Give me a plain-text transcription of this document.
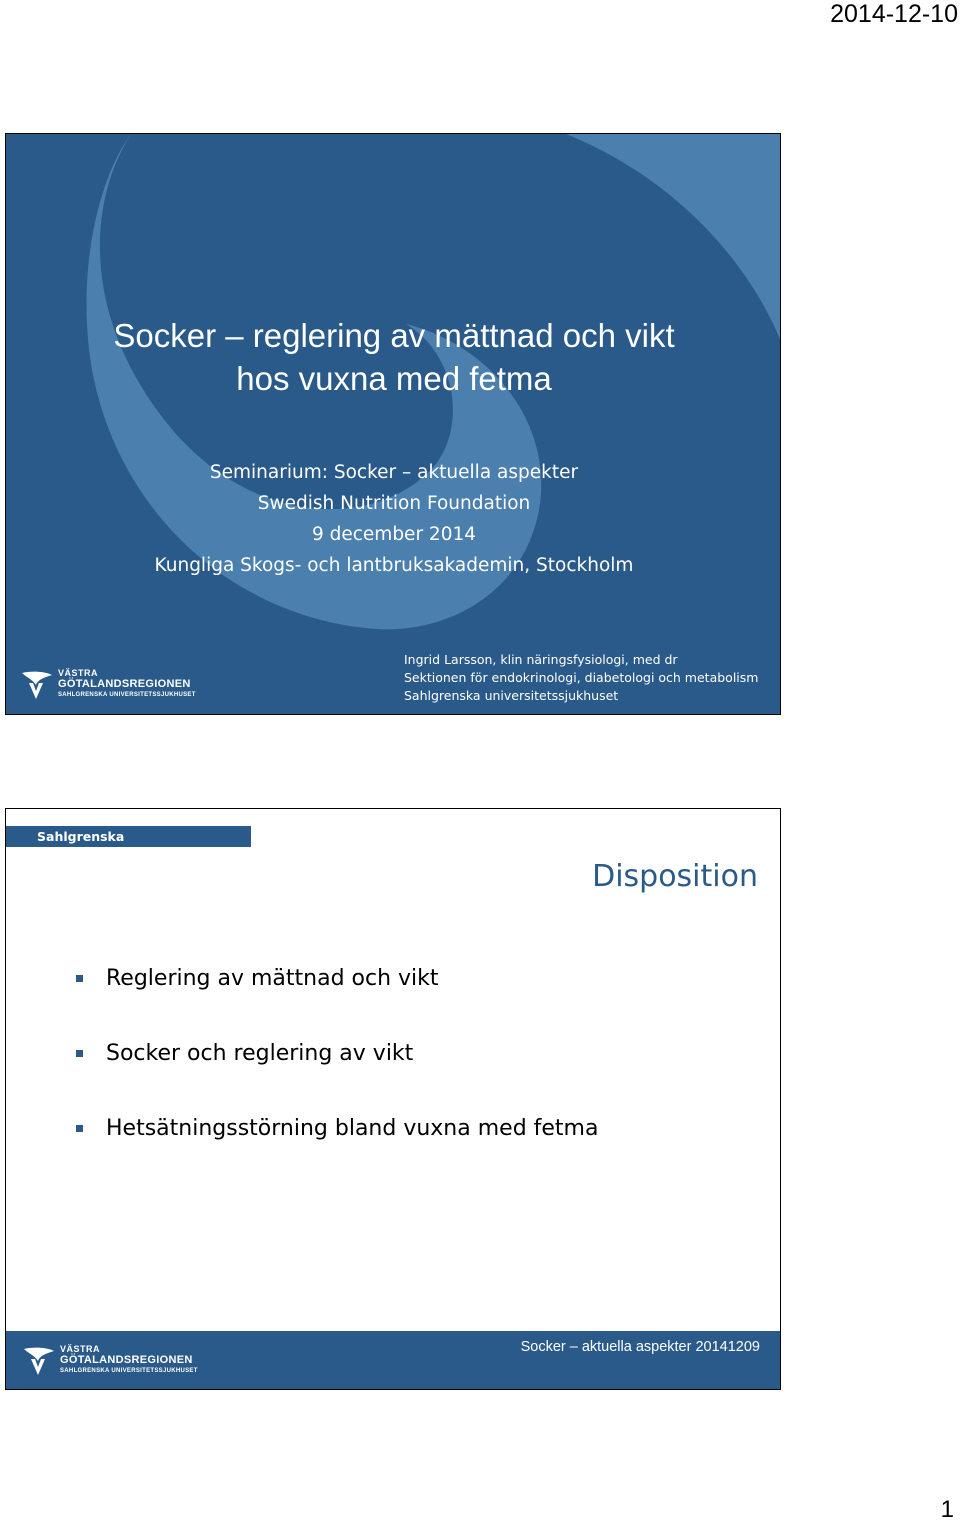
2014-12-10
Socker – reglering av mättnad och vikt
hos vuxna med fetma
Seminarium: Socker – aktuella aspekter
Swedish Nutrition Foundation
9 december 2014
Kungliga Skogs- och lantbruksakademin, Stockholm
Ingrid Larsson, klin näringsfysiologi, med dr
Sektionen för endokrinologi, diabetologi och metabolism
Sahlgrenska universitetssjukhuset
VÄSTRA
GÖTALANDSREGIONEN
SAHLGRENSKA UNIVERSITETSSJUKHUSET
Sahlgrenska Universitetssjukhuset
Disposition
Reglering av mättnad och vikt
Socker och reglering av vikt
Hetsätningsstörning bland vuxna med fetma
VÄSTRA
GÖTALANDSREGIONEN
SAHLGRENSKA UNIVERSITETSSJUKHUSET
Socker – aktuella aspekter 20141209
1
